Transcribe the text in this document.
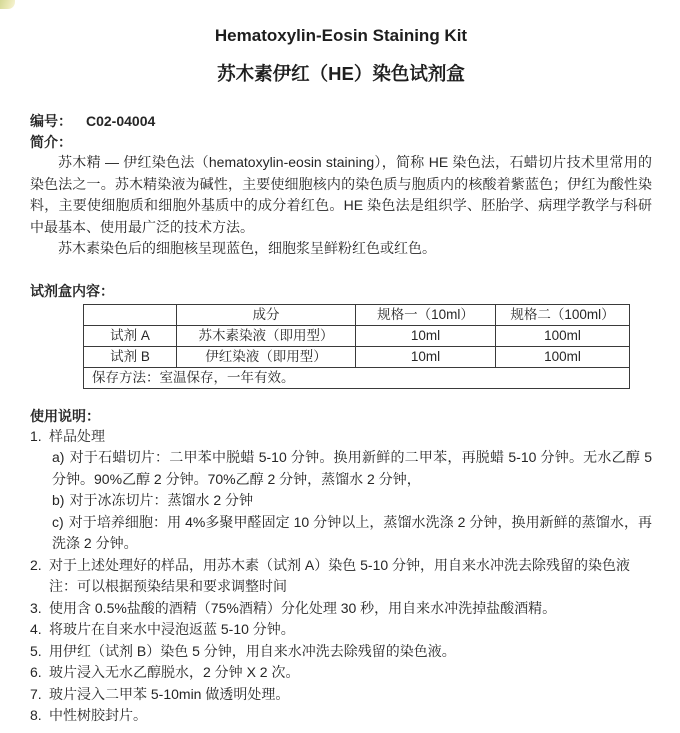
Hematoxylin-Eosin Staining Kit
苏木素伊红（HE）染色试剂盒
编号： C02-04004
简介：

苏木精 — 伊红染色法（hematoxylin-eosin staining），简称 HE 染色法，石蜡切片技术里常用的染色法之一。苏木精染液为碱性，主要使细胞核内的染色质与胞质内的核酸着紫蓝色；伊红为酸性染料，主要使细胞质和细胞外基质中的成分着红色。HE 染色法是组织学、胚胎学、病理学教学与科研中最基本、使用最广泛的技术方法。

苏木素染色后的细胞核呈现蓝色，细胞浆呈鲜粉红色或红色。

试剂盒内容：
	成分	规格一（10ml）	规格二（100ml）
试剂 A	苏木素染液（即用型）	10ml	100ml
试剂 B	伊红染液（即用型）	10ml	100ml
保存方法：室温保存，一年有效。			
使用说明：
1. 样品处理
a) 对于石蜡切片：二甲苯中脱蜡 5-10 分钟。换用新鲜的二甲苯，再脱蜡 5-10 分钟。无水乙醇 5 分钟。90%乙醇 2 分钟。70%乙醇 2 分钟，蒸馏水 2 分钟，
b) 对于冰冻切片：蒸馏水 2 分钟
c) 对于培养细胞：用 4%多聚甲醛固定 10 分钟以上，蒸馏水洗涤 2 分钟，换用新鲜的蒸馏水，再洗涤 2 分钟。
2. 对于上述处理好的样品，用苏木素（试剂 A）染色 5-10 分钟，用自来水冲洗去除残留的染色液
注：可以根据预染结果和要求调整时间
3. 使用含 0.5%盐酸的酒精（75%酒精）分化处理 30 秒，用自来水冲洗掉盐酸酒精。
4. 将玻片在自来水中浸泡返蓝 5-10 分钟。
5. 用伊红（试剂 B）染色 5 分钟，用自来水冲洗去除残留的染色液。
6. 玻片浸入无水乙醇脱水，2 分钟 X 2 次。
7. 玻片浸入二甲苯 5-10min 做透明处理。
8. 中性树胶封片。
